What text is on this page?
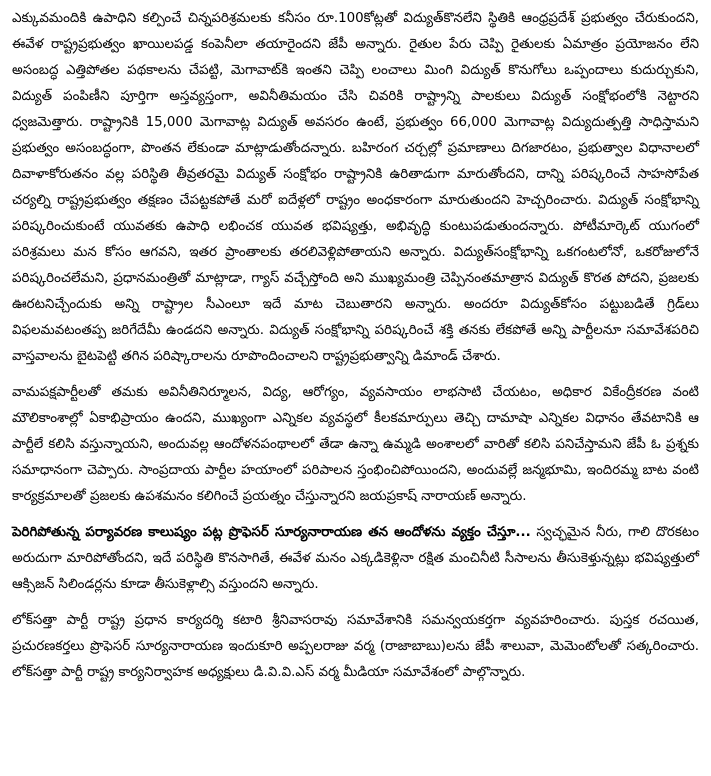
ఎక్కువమందికి ఉపాధిని కల్పించే చిన్నపరిశ్రమలకు కనీసం రూ.100కోట్లతో విద్యుత్‌కొనలేని స్థితికి ఆంధ్రప్రదేశ్ ప్రభుత్వం చేరుకుందని, ఈవేళ రాష్ట్రప్రభుత్వం ఖాయిలపడ్డ కంపెనీలా తయారైందని జేపీ అన్నారు. రైతుల పేరు చెప్పి రైతులకు ఏమాత్రం ప్రయోజనం లేని అసంబద్ధ ఎత్తిపోతల పథకాలను చేపట్టి, మెగావాట్‌కి ఇంతని చెప్పి లంచాలు మింగి విద్యుత్ కొనుగోలు ఒప్పందాలు కుదుర్చుకుని, విద్యుత్ పంపిణీని పూర్తిగా అస్తవ్యస్తంగా, అవినీతిమయం చేసి చివరికి రాష్ట్రాన్ని పాలకులు విద్యుత్ సంక్షోభంలోకి నెట్టారని ధ్వజమెత్తారు. రాష్ట్రానికి 15,000 మెగావాట్ల విద్యుత్ అవసరం ఉంటే, ప్రభుత్వం 66,000 మెగావాట్ల విద్యుదుత్పత్తి సాధిస్తామని ప్రభుత్వం అసంబద్ధంగా, పొంతన లేకుండా మాట్లాడుతోందన్నారు. బహిరంగ చర్చల్లో ప్రమాణాలు దిగజారటం, ప్రభుత్వాల విధానాలలో దివాళాకోరుతనం వల్ల పరిస్థితి తీవ్రతరమై విద్యుత్ సంక్షోభం రాష్ట్రానికి ఉరితాడుగా మారుతోందని, దాన్ని పరిష్కరించే సాహసోపేత చర్యల్ని రాష్ట్రప్రభుత్వం తక్షణం చేపట్టకపోతే మరో ఐదేళ్లలో రాష్ట్రం అంధకారంగా మారుతుందని హెచ్చరించారు. విద్యుత్ సంక్షోభాన్ని పరిష్కరించుకుంటే యువతకు ఉపాధి లభించక యువత భవిష్యత్తు, అభివృద్ధి కుంటుపడుతుందన్నారు. పోటీమార్కెట్ యుగంలో పరిశ్రమలు మన కోసం ఆగవని, ఇతర ప్రాంతాలకు తరలివెళ్లిపోతాయని అన్నారు. విద్యుత్‌సంక్షోభాన్ని ఒకగంటలోనో, ఒకరోజులోనే పరిష్కరించలేమని, ప్రధానమంత్రితో మాట్లాడా, గ్యాస్ వచ్చేస్తోంది అని ముఖ్యమంత్రి చెప్పినంతమాత్రాన విద్యుత్ కొరత పోదని, ప్రజలకు ఊరటనిచ్చేందుకు అన్ని రాష్ట్రాల సీఎంలూ ఇదే మాట చెబుతారని అన్నారు. అందరూ విద్యుత్‌కోసం పట్టుబడితే గ్రిడ్‌లు విఫలమవటంతప్ప జరిగేదేమీ ఉండదని అన్నారు. విద్యుత్ సంక్షోభాన్ని పరిష్కరించే శక్తి తనకు లేకపోతే అన్ని పార్టీలనూ సమావేశపరిచి వాస్తవాలను బైటపెట్టి తగిన పరిష్కారాలను రూపొందించాలని రాష్ట్రప్రభుత్వాన్ని డిమాండ్ చేశారు.

వామపక్షపార్టీలతో తమకు అవినీతినిర్మూలన, విద్య, ఆరోగ్యం, వ్యవసాయం లాభసాటి చేయటం, అధికార వికేంద్రీకరణ వంటి మౌలికాంశాల్లో ఏకాభిప్రాయం ఉందని, ముఖ్యంగా ఎన్నికల వ్యవస్థలో కీలకమార్పులు తెచ్చి దామాషా ఎన్నికల విధానం తేవటానికి ఆ పార్టీలే కలిసి వస్తున్నాయని, అందువల్ల ఆందోళనపంథాలలో తేడా ఉన్నా ఉమ్మడి అంశాలలో వారితో కలిసి పనిచేస్తామని జేపీ ఓ ప్రశ్నకు సమాధానంగా చెప్పారు. సాంప్రదాయ పార్టీల హయాంలో పరిపాలన స్తంభించిపోయిందని, అందువల్లే జన్మభూమి, ఇందిరమ్మ బాట వంటి కార్యక్రమాలతో ప్రజలకు ఉపశమనం కలిగించే ప్రయత్నం చేస్తున్నారని జయప్రకాష్ నారాయణ్ అన్నారు.

పెరిగిపోతున్న పర్యావరణ కాలుష్యం పట్ల ప్రొఫెసర్ సూర్యనారాయణ తన ఆందోళను వ్యక్తం చేస్తూ... స్వచ్ఛమైన నీరు, గాలి దొరకటం అరుదుగా మారిపోతోందని, ఇదే పరిస్థితి కొనసాగితే, ఈవేళ మనం ఎక్కడికెళ్లినా రక్షిత మంచినీటి సీసాలను తీసుకెళ్తున్నట్లు భవిష్యత్తులో ఆక్సిజన్ సిలిండర్లను కూడా తీసుకెళ్లాల్సి వస్తుందని అన్నారు.

లోక్‌సత్తా పార్టీ రాష్ట్ర ప్రధాన కార్యదర్శి కటారి శ్రీనివాసరావు సమావేశానికి సమన్వయకర్తగా వ్యవహరించారు. పుస్తక రచయిత, ప్రచురణకర్తలు ప్రొఫెసర్ సూర్యనారాయణ ఇందుకూరి అప్పలరాజు వర్మ (రాజాబాబు)లను జేపీ శాలువా, మెమెంటోలతో సత్కరించారు. లోక్‌సత్తా పార్టీ రాష్ట్ర కార్యనిర్వాహక అధ్యక్షులు డి.వి.వి.ఎస్ వర్మ మీడియా సమావేశంలో పాల్గొన్నారు.
